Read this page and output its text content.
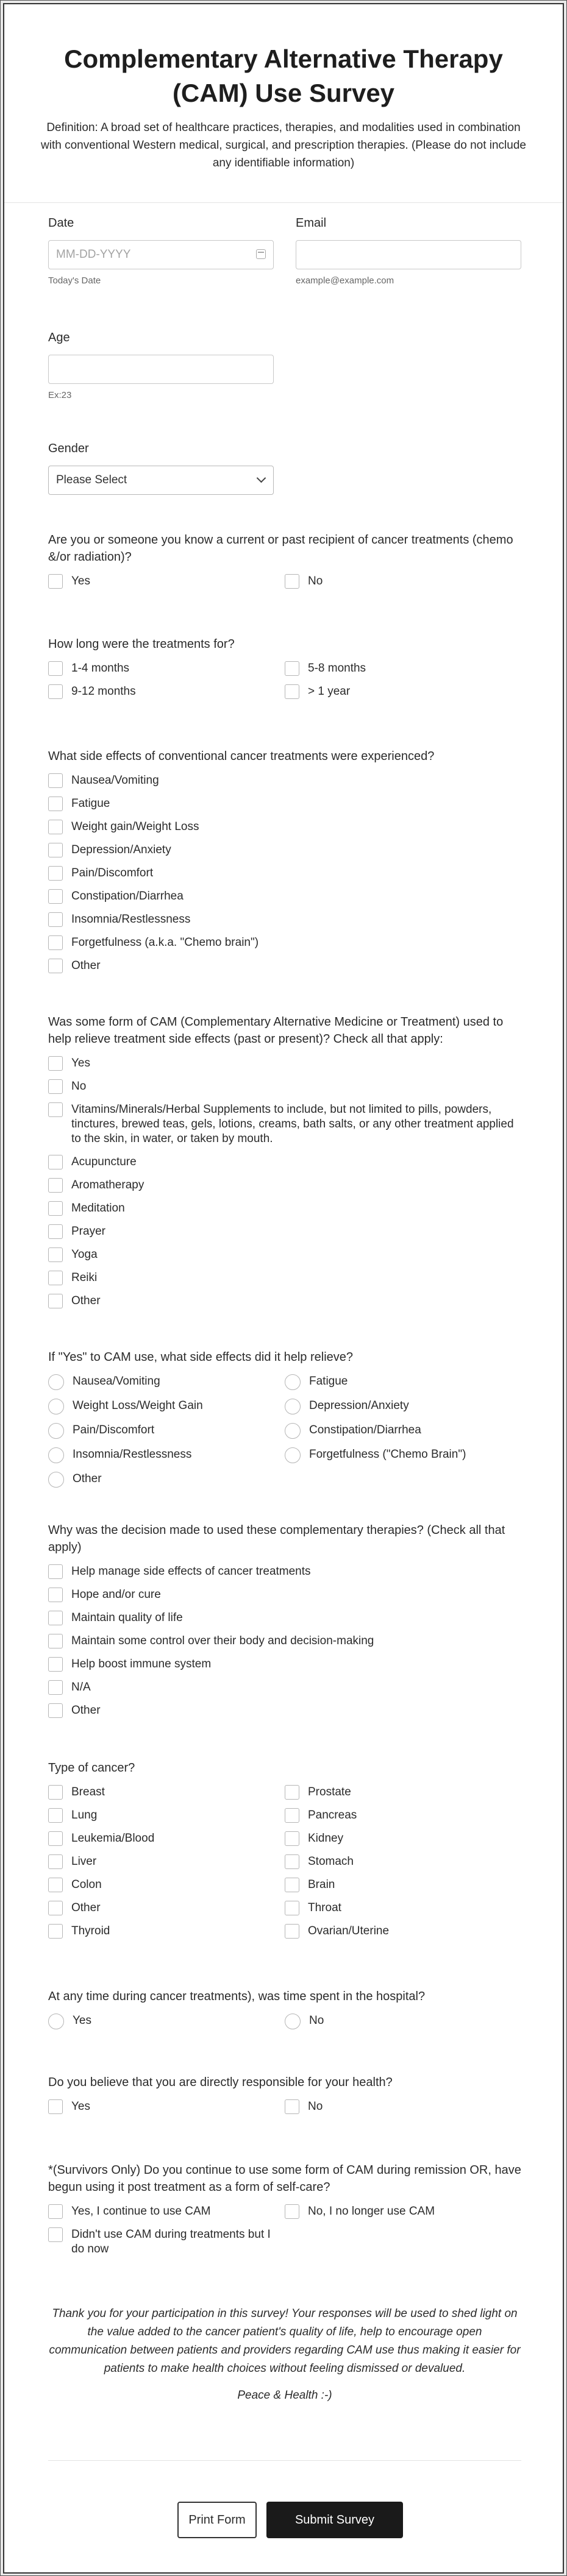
Complementary Alternative Therapy (CAM) Use Survey
Definition: A broad set of healthcare practices, therapies, and modalities used in combination with conventional Western medical, surgical, and prescription therapies. (Please do not include any identifiable information)
Date
MM-DD-YYYY
Today's Date
Email
example@example.com
Age
Ex:23
Gender
Please Select
Are you or someone you know a current or past recipient of cancer treatments (chemo &/or radiation)?
Yes	No
How long were the treatments for?
1-4 months	5-8 months
9-12 months	> 1 year
What side effects of conventional cancer treatments were experienced?
Nausea/Vomiting
Fatigue
Weight gain/Weight Loss
Depression/Anxiety
Pain/Discomfort
Constipation/Diarrhea
Insomnia/Restlessness
Forgetfulness (a.k.a. "Chemo brain")
Other
Was some form of CAM (Complementary Alternative Medicine or Treatment) used to help relieve treatment side effects (past or present)? Check all that apply:
Yes
No
Vitamins/Minerals/Herbal Supplements to include, but not limited to pills, powders, tinctures, brewed teas, gels, lotions, creams, bath salts, or any other treatment applied to the skin, in water, or taken by mouth.
Acupuncture
Aromatherapy
Meditation
Prayer
Yoga
Reiki
Other
If "Yes" to CAM use, what side effects did it help relieve?
Nausea/Vomiting	Fatigue
Weight Loss/Weight Gain	Depression/Anxiety
Pain/Discomfort	Constipation/Diarrhea
Insomnia/Restlessness	Forgetfulness ("Chemo Brain")
Other
Why was the decision made to used these complementary therapies? (Check all that apply)
Help manage side effects of cancer treatments
Hope and/or cure
Maintain quality of life
Maintain some control over their body and decision-making
Help boost immune system
N/A
Other
Type of cancer?
Breast	Prostate
Lung	Pancreas
Leukemia/Blood	Kidney
Liver	Stomach
Colon	Brain
Other	Throat
Thyroid	Ovarian/Uterine
At any time during cancer treatments), was time spent in the hospital?
Yes	No
Do you believe that you are directly responsible for your health?
Yes	No
*(Survivors Only) Do you continue to use some form of CAM during remission OR, have begun using it post treatment as a form of self-care?
Yes, I continue to use CAM	No, I no longer use CAM
Didn't use CAM during treatments but I do now
Thank you for your participation in this survey! Your responses will be used to shed light on the value added to the cancer patient's quality of life, help to encourage open communication between patients and providers regarding CAM use thus making it easier for patients to make health choices without feeling dismissed or devalued.
Peace & Health :-)
Print Form	Submit Survey
